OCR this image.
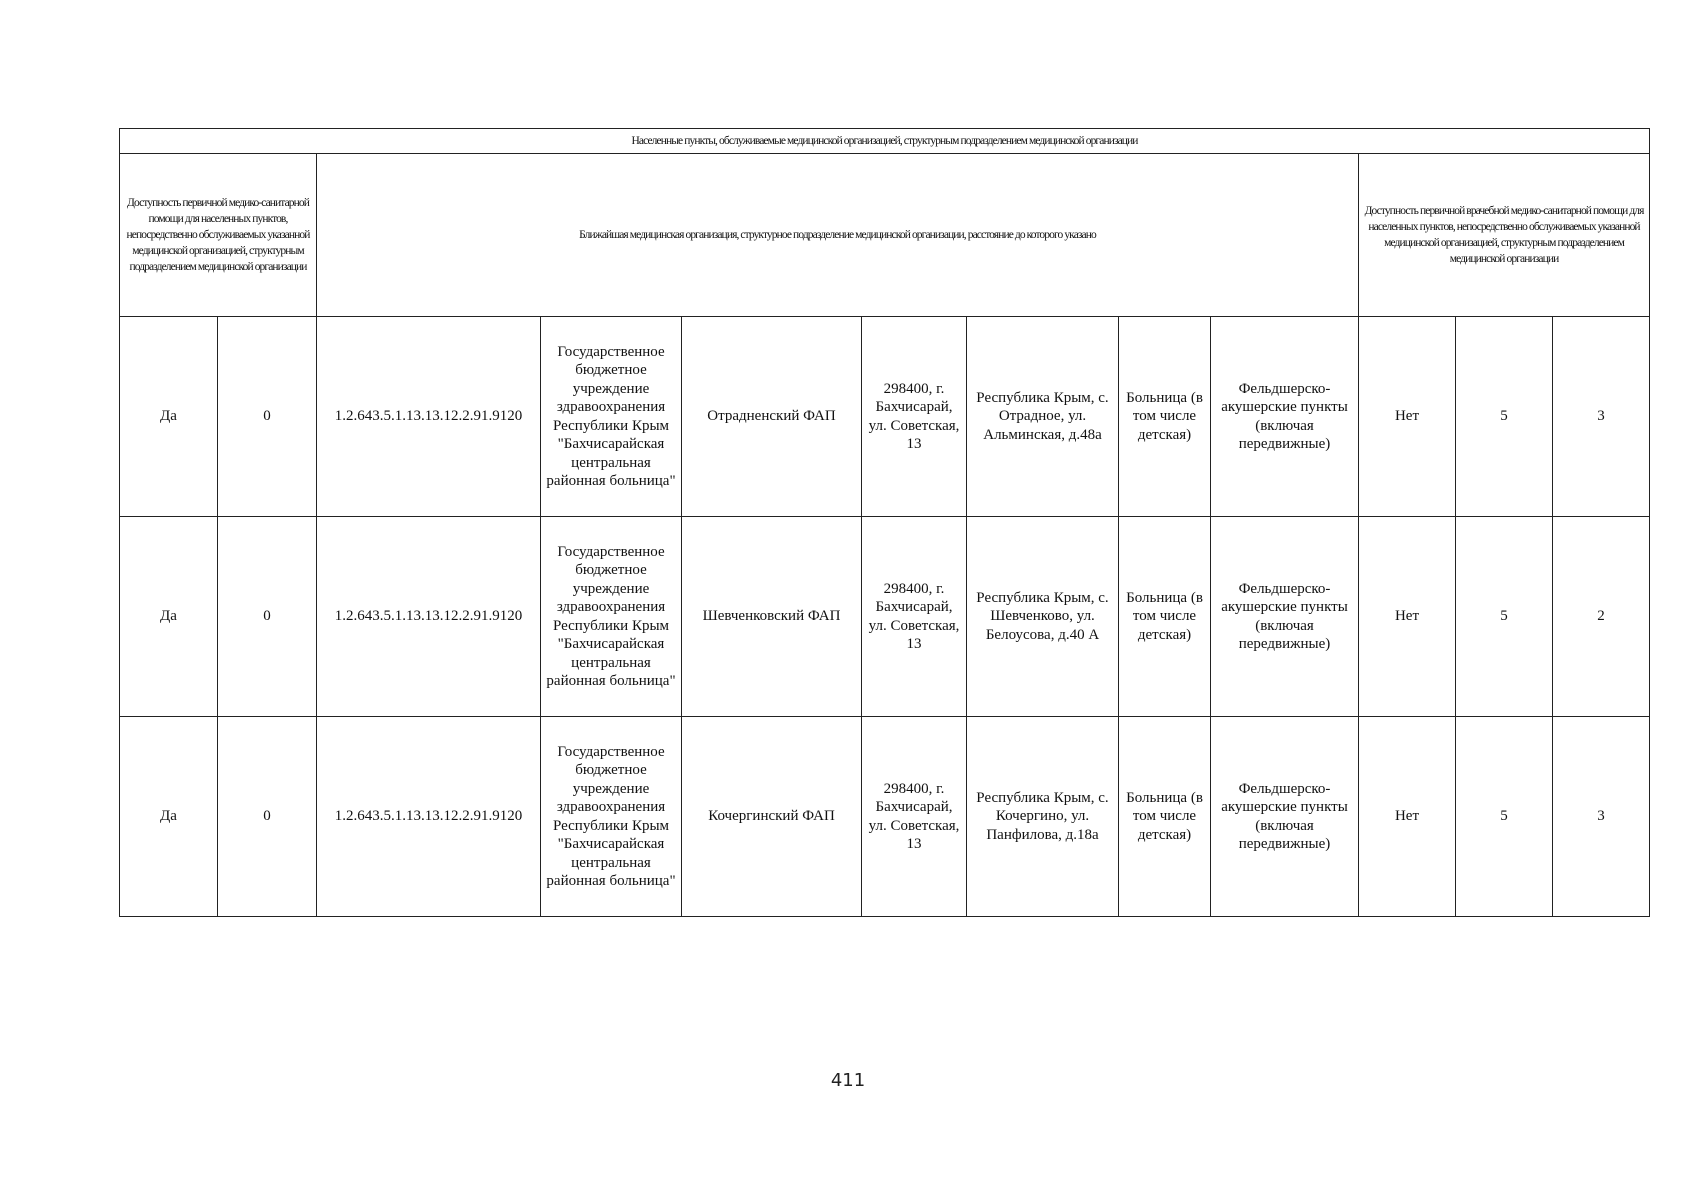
Населенные пункты, обслуживаемые медицинской организацией, структурным подразделением медицинской организации											
Доступность первичной медико-санитарной помощи для населенных пунктов, непосредственно обслуживаемых указанной медицинской организацией, структурным подразделением медицинской организации		Ближайшая медицинская организация, структурное подразделение медицинской организации, расстояние до которого указано							Доступность первичной врачебной медико-санитарной помощи для населенных пунктов, непосредственно обслуживаемых указанной медицинской организацией, структурным подразделением медицинской организации		
Да	0	1.2.643.5.1.13.13.12.2.91.9120	Государственное бюджетное учреждение здравоохранения Республики Крым "Бахчисарайская центральная районная больница"	Отрадненский ФАП	298400, г. Бахчисарай, ул. Советская, 13	Республика Крым, с. Отрадное, ул. Альминская, д.48а	Больница (в том числе детская)	Фельдшерско-акушерские пункты (включая передвижные)	Нет	5	3
Да	0	1.2.643.5.1.13.13.12.2.91.9120	Государственное бюджетное учреждение здравоохранения Республики Крым "Бахчисарайская центральная районная больница"	Шевченковский ФАП	298400, г. Бахчисарай, ул. Советская, 13	Республика Крым, с. Шевченково, ул. Белоусова, д.40 А	Больница (в том числе детская)	Фельдшерско-акушерские пункты (включая передвижные)	Нет	5	2
Да	0	1.2.643.5.1.13.13.12.2.91.9120	Государственное бюджетное учреждение здравоохранения Республики Крым "Бахчисарайская центральная районная больница"	Кочергинский ФАП	298400, г. Бахчисарай, ул. Советская, 13	Республика Крым, с. Кочергино, ул. Панфилова, д.18а	Больница (в том числе детская)	Фельдшерско-акушерские пункты (включая передвижные)	Нет	5	3
411
